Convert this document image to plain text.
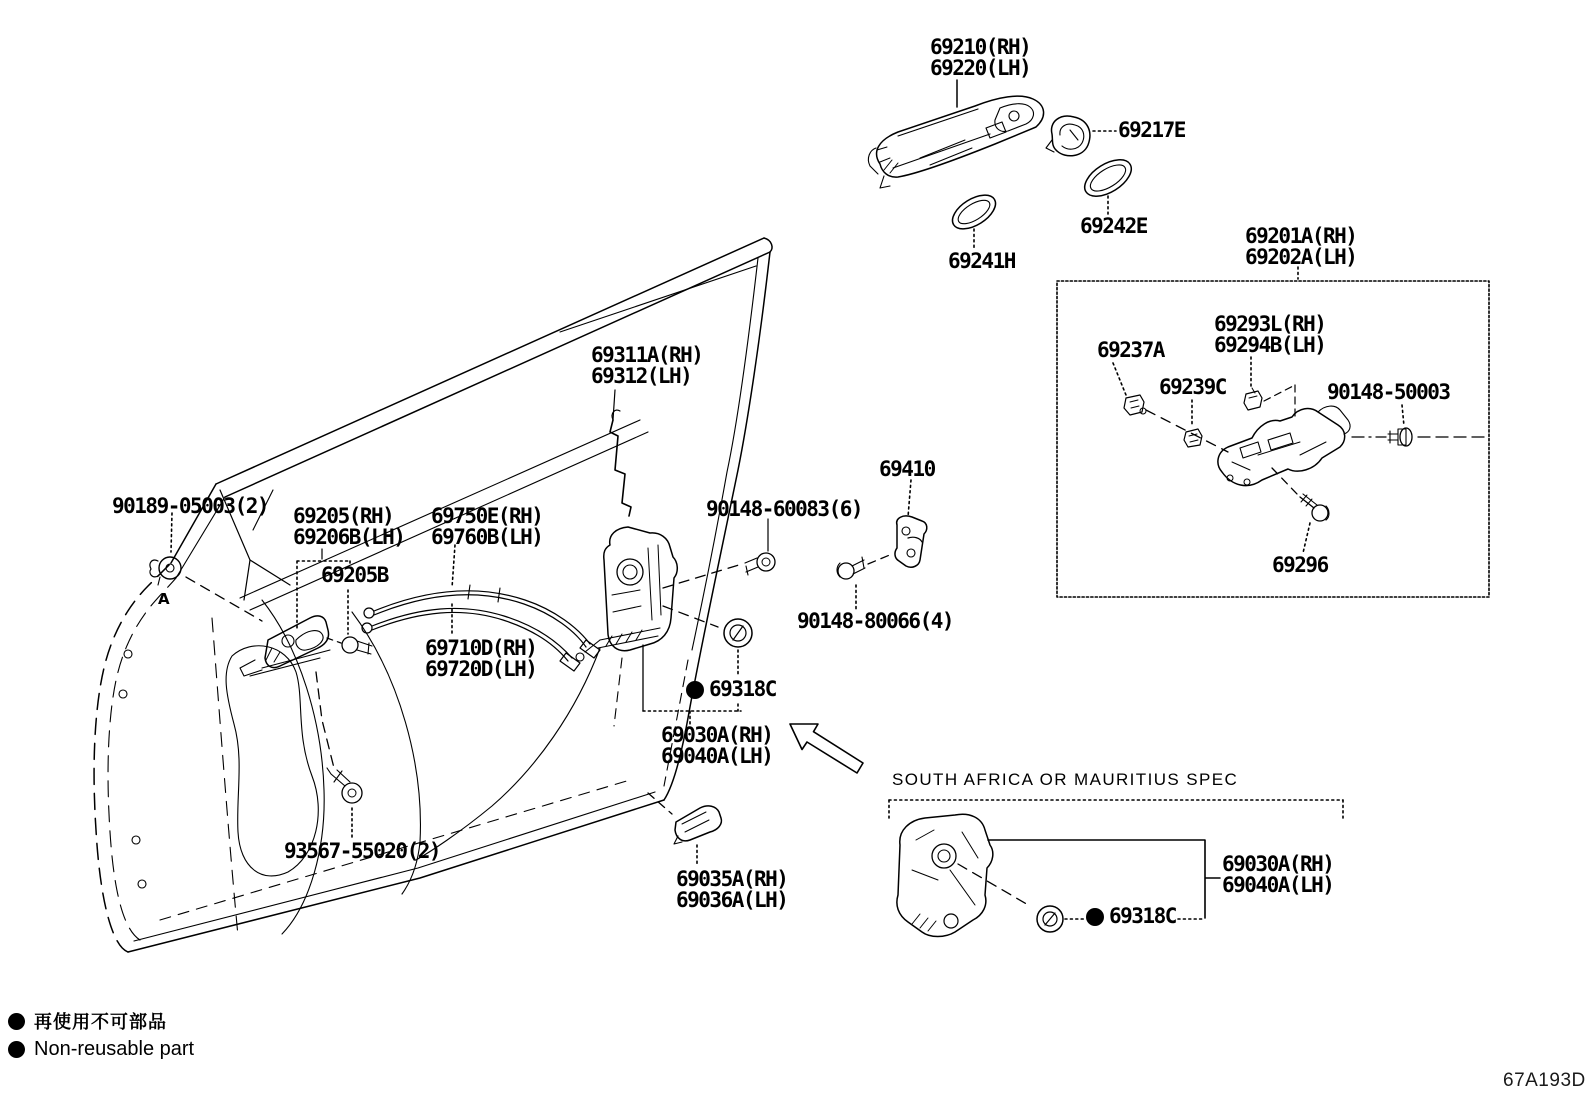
69210(RH)
69220(LH)
69217E
69242E
69241H
69201A(RH)
69202A(LH)
69293L(RH)
69294B(LH)
69237A
69239C	90148-50003
69296
69410
90148-60083(6)
90148-80066(4)
69311A(RH)
69312(LH)
90189-05003(2) 69205(RH)
69206B(LH)
69750E(RH)
69760B(LH)
69205B
69710D(RH)
69720D(LH)
69318C
69030A(RH)
69040A(LH)
93567-55020(2)
69035A(RH)
69036A(LH)
69030A(RH)
69040A(LH)
69318C
SOUTH AFRICA OR MAURITIUS SPEC
A
再使用不可部品
Non-reusable part
67A193D
